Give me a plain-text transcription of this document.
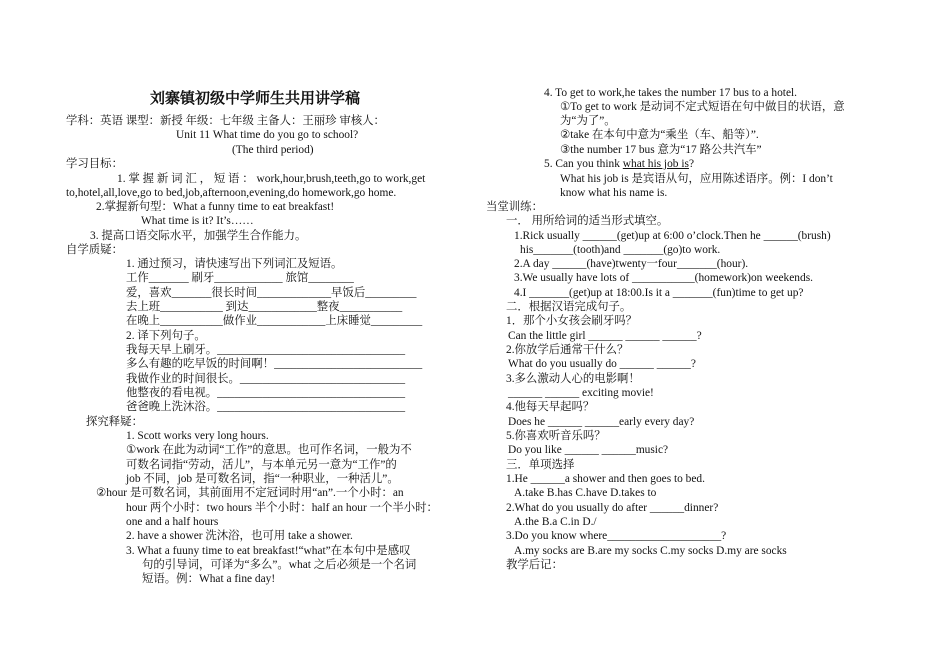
刘寨镇初级中学师生共用讲学稿
学科：英语 课型：新授 年级：七年级 主备人：王丽珍 审核人：
Unit 11 What time do you go to school?
(The third period)
学习目标：
1. 掌 握 新 词 汇 ， 短 语 ： work,hour,brush,teeth,go to work,get
to,hotel,all,love,go to bed,job,afternoon,evening,do homework,go home.
2.掌握新句型：What a funny time to eat breakfast!
What time is it? It’s……
3. 提高口语交际水平，加强学生合作能力。
自学质疑：
1. 通过预习，请快速写出下列词汇及短语。
工作_______ 刷牙____________ 旅馆________
爱，喜欢_______很长时间_____________早饭后_________
去上班___________ 到达____________整夜___________
在晚上___________做作业____________上床睡觉_________
2. 译下列句子。
我每天早上刷牙。_________________________________
多么有趣的吃早饭的时间啊！__________________________
我做作业的时间很长。_____________________________
他整夜的看电视。_________________________________
爸爸晚上洗沐浴。_________________________________
探究释疑：
1. Scott works very long hours.
①work 在此为动词“工作”的意思。也可作名词，一般为不
可数名词指“劳动，活儿”，与本单元另一意为“工作”的
job 不同，job 是可数名词，指“一种职业，一种活儿”。
②hour 是可数名词，其前面用不定冠词时用“an”.一个小时：an
hour 两个小时：two hours 半个小时：half an hour 一个半小时：
one and a half hours
2. have a shower 洗沐浴，也可用 take a shower.
3. What a fuuny time to eat breakfast!“what”在本句中是感叹
句的引导词，可译为“多么”。what 之后必须是一个名词
短语。例：What a fine day!
4. To get to work,he takes the number 17 bus to a hotel.
①To get to work 是动词不定式短语在句中做目的状语，意
为“为了”。
②take 在本句中意为“乘坐（车、船等）”.
③the number 17 bus 意为“17 路公共汽车”
5. Can you think what his job is?
What his job is 是宾语从句，应用陈述语序。例：I don’t
know what his name is.
当堂训练：
一． 用所给词的适当形式填空。
1.Rick usually ______(get)up at 6:00 o’clock.Then he ______(brush)
his_______(tooth)and _______(go)to work.
2.A day ______(have)twenty一four_______(hour).
3.We usually have lots of ___________(homework)on weekends.
4.I _______(get)up at 18:00.Is it a _______(fun)time to get up?
二．根据汉语完成句子。
1．那个小女孩会刷牙吗？
Can the little girl ______ ______ ______?
2.你放学后通常干什么？
What do you usually do ______ ______?
3.多么激动人心的电影啊！
______ ______ exciting movie!
4.他每天早起吗？
Does he ______ ______early every day?
5.你喜欢听音乐吗？
Do you like ______ ______music?
三．单项选择
1.He ______a shower and then goes to bed.
A.take B.has C.have D.takes to
2.What do you usually do after ______dinner?
A.the B.a C.in D./
3.Do you know where____________________?
A.my socks are B.are my socks C.my socks D.my are socks
教学后记：
